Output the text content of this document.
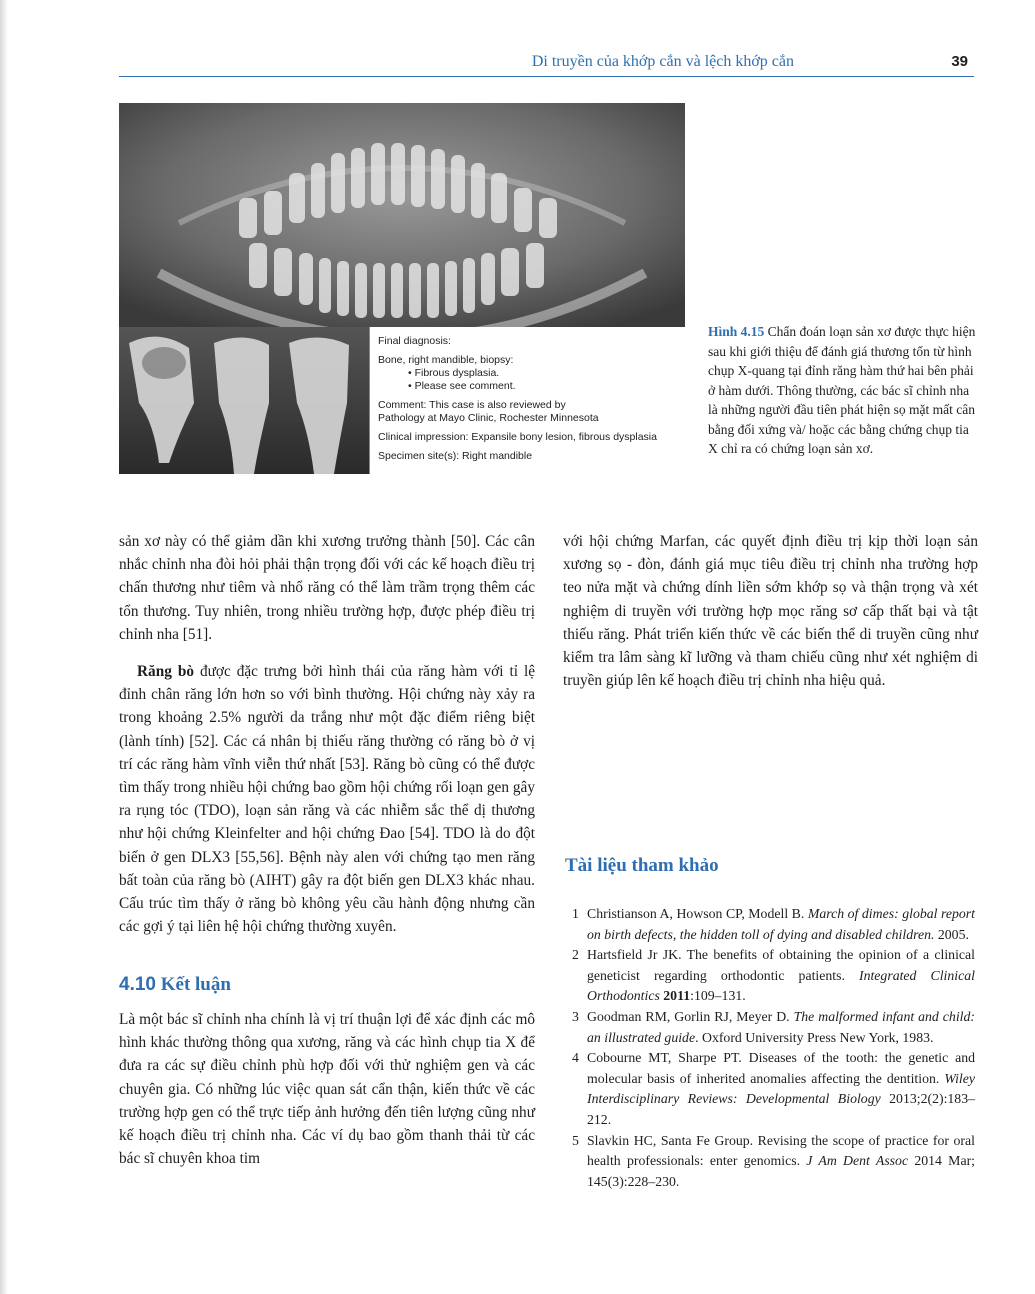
Di truyền của khớp cắn và lệch khớp cắn	39
Final diagnosis:
Bone, right mandible, biopsy:
• Fibrous dysplasia.
• Please see comment.
Comment: This case is also reviewed by
Pathology at Mayo Clinic, Rochester Minnesota
Clinical impression: Expansile bony lesion, fibrous dysplasia
Specimen site(s): Right mandible
Hình 4.15 Chẩn đoán loạn sản xơ được thực hiện sau khi giới thiệu để đánh giá thương tổn từ hình chụp X-quang tại đỉnh răng hàm thứ hai bên phải ở hàm dưới. Thông thường, các bác sĩ chỉnh nha là những người đầu tiên phát hiện sọ mặt mất cân bằng đối xứng và/ hoặc các bằng chứng chụp tia X chỉ ra có chứng loạn sản xơ.

sản xơ này có thể giảm dần khi xương trưởng thành [50]. Các cân nhắc chỉnh nha đòi hỏi phải thận trọng đối với các kế hoạch điều trị chấn thương như tiêm và nhổ răng có thể làm trầm trọng thêm các tổn thương. Tuy nhiên, trong nhiều trường hợp, được phép điều trị chỉnh nha [51].

Răng bò được đặc trưng bởi hình thái của răng hàm với tỉ lệ đỉnh chân răng lớn hơn so với bình thường. Hội chứng này xảy ra trong khoảng 2.5% người da trắng như một đặc điểm riêng biệt (lành tính) [52]. Các cá nhân bị thiếu răng thường có răng bò ở vị trí các răng hàm vĩnh viễn thứ nhất [53]. Răng bò cũng có thể được tìm thấy trong nhiều hội chứng bao gồm hội chứng rối loạn gen gây ra rụng tóc (TDO), loạn sản răng và các nhiễm sắc thể dị thương như hội chứng Kleinfelter and hội chứng Đao [54]. TDO là do đột biến ở gen DLX3 [55,56]. Bệnh này alen với chứng tạo men răng bất toàn của răng bò (AIHT) gây ra đột biến gen DLX3 khác nhau. Cấu trúc tìm thấy ở răng bò không yêu cầu hành động nhưng cần các gợi ý tại liên hệ hội chứng thường xuyên.

4.10 Kết luận

Là một bác sĩ chỉnh nha chính là vị trí thuận lợi để xác định các mô hình khác thường thông qua xương, răng và các hình chụp tia X để đưa ra các sự điều chỉnh phù hợp đối với thử nghiệm gen và các chuyên gia. Có những lúc việc quan sát cẩn thận, kiến thức về các trường hợp gen có thể trực tiếp ảnh hưởng đến tiên lượng cũng như kế hoạch điều trị chỉnh nha. Các ví dụ bao gồm thanh thải từ các bác sĩ chuyên khoa tim

với hội chứng Marfan, các quyết định điều trị kịp thời loạn sản xương sọ - đòn, đánh giá mục tiêu điều trị chỉnh nha trường hợp teo nửa mặt và chứng dính liền sớm khớp sọ và thận trọng và xét nghiệm di truyền với trường hợp mọc răng sơ cấp thất bại và tật thiếu răng. Phát triển kiến thức về các biến thể di truyền cũng như kiểm tra lâm sàng kĩ lưỡng và tham chiếu cũng như xét nghiệm di truyền giúp lên kế hoạch điều trị chỉnh nha hiệu quả.

Tài liệu tham khảo
1 Christianson A, Howson CP, Modell B. March of dimes: global report on birth defects, the hidden toll of dying and disabled children. 2005.
2 Hartsfield Jr JK. The benefits of obtaining the opinion of a clinical geneticist regarding orthodontic patients. Integrated Clinical Orthodontics 2011:109–131.
3 Goodman RM, Gorlin RJ, Meyer D. The malformed infant and child: an illustrated guide. Oxford University Press New York, 1983.
4 Cobourne MT, Sharpe PT. Diseases of the tooth: the genetic and molecular basis of inherited anomalies affecting the dentition. Wiley Interdisciplinary Reviews: Developmental Biology 2013;2(2):183–212.
5 Slavkin HC, Santa Fe Group. Revising the scope of practice for oral health professionals: enter genomics. J Am Dent Assoc 2014 Mar; 145(3):228–230.
